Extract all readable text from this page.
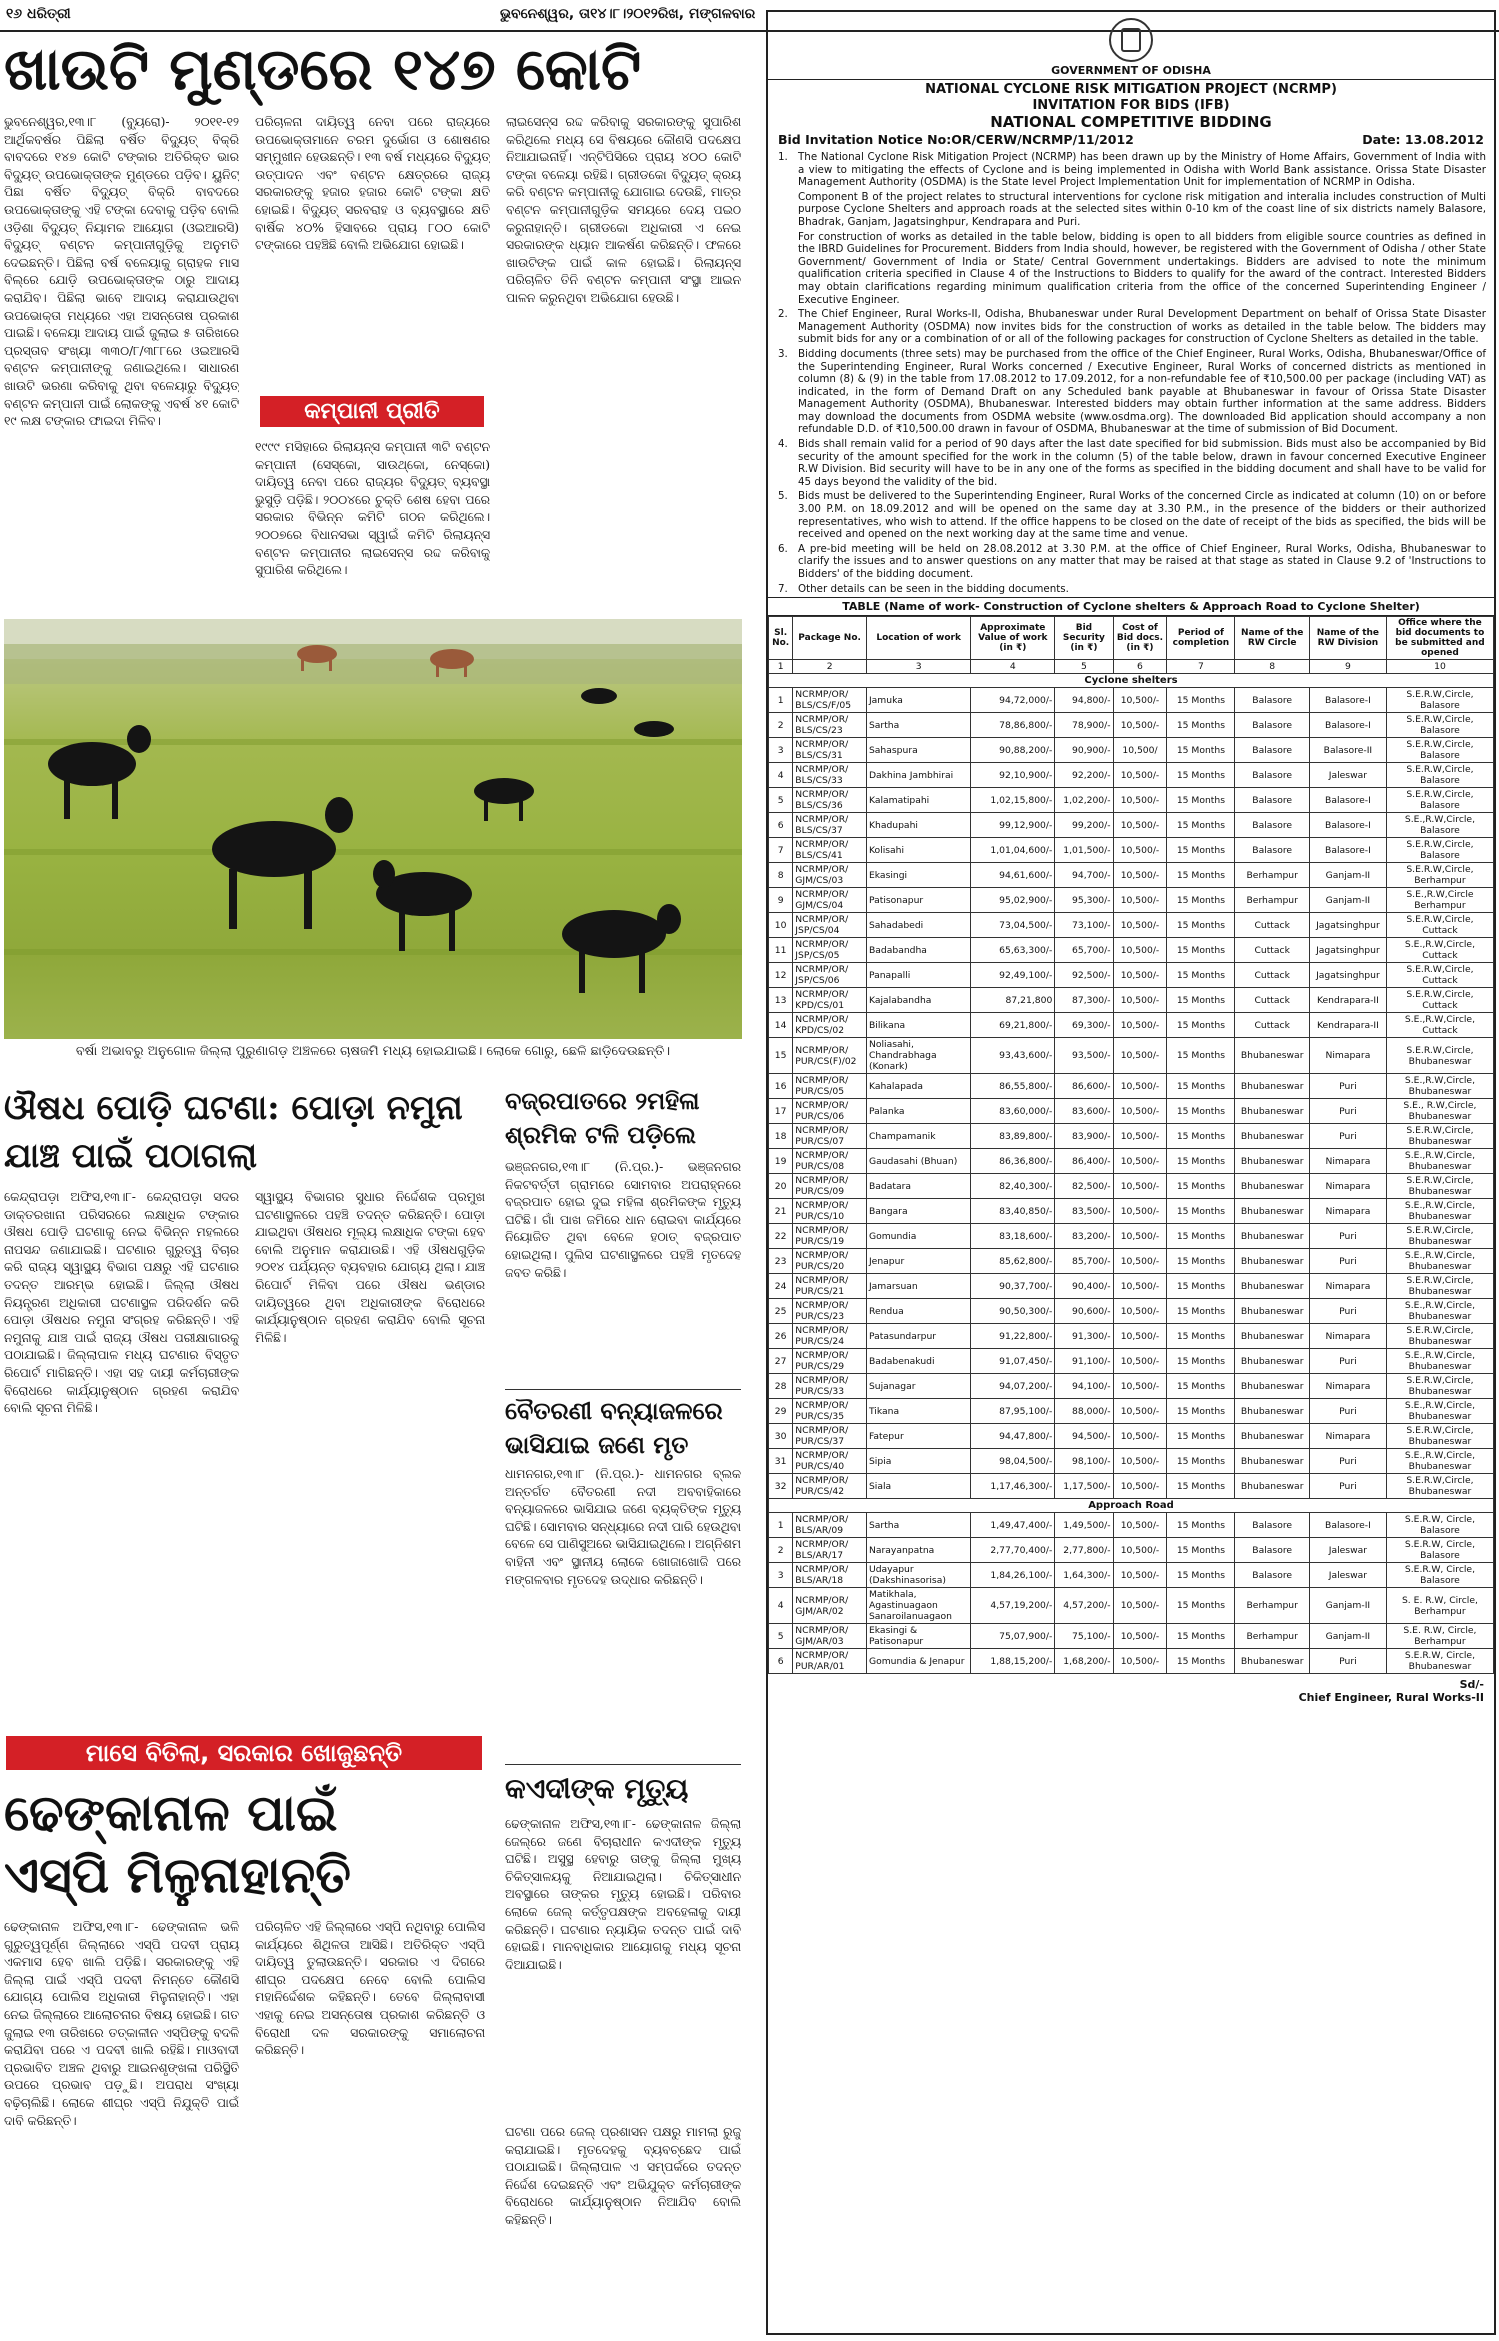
୧୬ ଧରିତ୍ରୀ	ଭୁବନେଶ୍ୱର, ତା୧୪।୮।୨୦୧୨ରିଖ, ମଙ୍ଗଳବାର
ଖାଉଟି ମୁଣ୍ଡରେ ୧୪୭ କୋଟି
ଭୁବନେଶ୍ୱର,୧୩।୮ (ବ୍ୟୁରୋ)- ୨୦୧୧-୧୨ ଆର୍ଥିକବର୍ଷର ପିଛିଲା ବର୍ଷିତ ବିଦ୍ୟୁତ୍ ବିକ୍ରି ବାବଦରେ ୧୪୭ କୋଟି ଟଙ୍କାର ଅତିରିକ୍ତ ଭାର ବିଦ୍ୟୁତ୍ ଉପଭୋକ୍ତାଙ୍କ ମୁଣ୍ଡରେ ପଡ଼ିବ। ୟୁନିଟ୍ ପିଛା ବର୍ଷିତ ବିଦ୍ୟୁତ୍ ବିକ୍ରି ବାବଦରେ ଉପଭୋକ୍ତାଙ୍କୁ ଏହି ଟଙ୍କା ଦେବାକୁ ପଡ଼ିବ ବୋଲି ଓଡ଼ିଶା ବିଦ୍ୟୁତ୍ ନିୟାମକ ଆୟୋଗ (ଓଇଆରସି) ବିଦ୍ୟୁତ୍ ବଣ୍ଟନ କମ୍ପାନୀଗୁଡ଼ିକୁ ଅନୁମତି ଦେଇଛନ୍ତି। ପିଛିଲା ବର୍ଷ ବଳେୟାକୁ ଗ୍ରାହକ ମାସ ବିଲ୍‌ରେ ଯୋଡ଼ି ଉପଭୋକ୍ତାଙ୍କ ଠାରୁ ଆଦାୟ କରାଯିବ। ପିଛିଲା ଭାବେ ଆଦାୟ କରାଯାଉଥିବା ଉପଭୋକ୍ତା ମଧ୍ୟରେ ଏହା ଅସନ୍ତୋଷ ପ୍ରକାଶ ପାଇଛି। ବଳେୟା ଆଦାୟ ପାଇଁ ଜୁଲାଇ ୫ ତାରିଖରେ ପ୍ରସ୍ତାବ ସଂଖ୍ୟା ୩୩୦/୮/୩୮୮ରେ ଓଇଆରସି ବଣ୍ଟନ କମ୍ପାନୀଙ୍କୁ ଜଣାଇଥିଲେ। ସାଧାରଣ ଖାଉଟି ଭରଣା କରିବାକୁ ଥିବା ବଳେୟାରୁ ବିଦ୍ୟୁତ୍ ବଣ୍ଟନ କମ୍ପାନୀ ପାଇଁ ଲୋକଙ୍କୁ ଏବର୍ଷ ୪୧ କୋଟି ୧୯ ଲକ୍ଷ ଟଙ୍କାର ଫାଇଦା ମିଳିବ।
ପରିଚାଳନା ଦାୟିତ୍ୱ ନେବା ପରେ ରାଜ୍ୟରେ ଉପଭୋକ୍ତାମାନେ ଚରମ ଦୁର୍ଭୋଗ ଓ ଶୋଷଣର ସମ୍ମୁଖୀନ ହେଉଛନ୍ତି। ୧୩ ବର୍ଷ ମଧ୍ୟରେ ବିଦ୍ୟୁତ୍ ଉତ୍ପାଦନ ଏବଂ ବଣ୍ଟନ କ୍ଷେତ୍ରରେ ରାଜ୍ୟ ସରକାରଙ୍କୁ ହଜାର ହଜାର କୋଟି ଟଙ୍କା କ୍ଷତି ହୋଇଛି। ବିଦ୍ୟୁତ୍ ସରବରାହ ଓ ବ୍ୟବସ୍ଥାରେ କ୍ଷତି ବାର୍ଷିକ ୪୦% ହିସାବରେ ପ୍ରାୟ ୮୦୦ କୋଟି ଟଙ୍କାରେ ପହଞ୍ଚିଛି ବୋଲି ଅଭିଯୋଗ ହୋଇଛି।
କମ୍ପାନୀ ପ୍ରୀତି
୧୯୯୯ ମସିହାରେ ରିଲାୟନ୍ସ କମ୍ପାନୀ ୩ଟି ବଣ୍ଟନ କମ୍ପାନୀ (ସେସ୍କୋ, ସାଉଥ୍‌କୋ, ନେସ୍କୋ) ଦାୟିତ୍ୱ ନେବା ପରେ ରାଜ୍ୟର ବିଦ୍ୟୁତ୍ ବ୍ୟବସ୍ଥା ଭୁସୁଡ଼ି ପଡ଼ିଛି। ୨୦୦୪ରେ ଚୁକ୍ତି ଶେଷ ହେବା ପରେ ସରକାର ବିଭିନ୍ନ କମିଟି ଗଠନ କରିଥିଲେ। ୨୦୦୭ରେ ବିଧାନସଭା ସ୍ୱାଇଁ କମିଟି ରିଲାୟନ୍ସ ବଣ୍ଟନ କମ୍ପାନୀର ଲାଇସେନ୍ସ ରଦ୍ଦ କରିବାକୁ ସୁପାରିଶ କରିଥିଲେ।
ଲାଇସେନ୍ସ ରଦ୍ଦ କରିବାକୁ ସରକାରଙ୍କୁ ସୁପାରିଶ କରିଥିଲେ ମଧ୍ୟ ସେ ବିଷୟରେ କୌଣସି ପଦକ୍ଷେପ ନିଆଯାଇନାହିଁ। ଏନ୍‌ଟିପିସିରେ ପ୍ରାୟ ୪୦୦ କୋଟି ଟଙ୍କା ବଳେୟା ରହିଛି। ଗ୍ରୀଡକୋ ବିଦ୍ୟୁତ୍ କ୍ରୟ କରି ବଣ୍ଟନ କମ୍ପାନୀକୁ ଯୋଗାଇ ଦେଉଛି, ମାତ୍ର ବଣ୍ଟନ କମ୍ପାନୀଗୁଡ଼ିକ ସମୟରେ ଦେୟ ପଇଠ କରୁନାହାନ୍ତି। ଗ୍ରୀଡକୋ ଅଧିକାରୀ ଏ ନେଇ ସରକାରଙ୍କ ଧ୍ୟାନ ଆକର୍ଷଣ କରିଛନ୍ତି। ଫଳରେ ଖାଉଟିଙ୍କ ପାଇଁ କାଳ ହୋଇଛି। ରିଲାୟନ୍ସ ପରିଚାଳିତ ତିନି ବଣ୍ଟନ କମ୍ପାନୀ ସଂସ୍ଥା ଆଇନ ପାଳନ କରୁନଥିବା ଅଭିଯୋଗ ହେଉଛି।
ବର୍ଷା ଅଭାବରୁ ଅନୁଗୋଳ ଜିଲ୍ଲା ପୁରୁଣାଗଡ଼ ଅଞ୍ଚଳରେ ଚାଷଜମି ମଧ୍ୟ ହୋଇଯାଇଛି। ଲୋକେ ଗୋରୁ, ଛେଳି ଛାଡ଼ିଦେଉଛନ୍ତି।
ଔଷଧ ପୋଡ଼ି ଘଟଣା: ପୋଡ଼ା ନମୁନା ଯାଞ୍ଚ ପାଇଁ ପଠାଗଲା
କେନ୍ଦ୍ରାପଡ଼ା ଅଫିସ,୧୩।୮- କେନ୍ଦ୍ରାପଡ଼ା ସଦର ଡାକ୍ତରଖାନା ପରିସରରେ ଲକ୍ଷାଧିକ ଟଙ୍କାର ଔଷଧ ପୋଡ଼ି ଘଟଣାକୁ ନେଇ ବିଭିନ୍ନ ମହଲରେ ନାପସନ୍ଦ ଜଣାଯାଇଛି। ଘଟଣାର ଗୁରୁତ୍ୱ ବିଚାର କରି ରାଜ୍ୟ ସ୍ୱାସ୍ଥ୍ୟ ବିଭାଗ ପକ୍ଷରୁ ଏହି ଘଟଣାର ତଦନ୍ତ ଆରମ୍ଭ ହୋଇଛି। ଜିଲ୍ଲା ଔଷଧ ନିୟନ୍ତ୍ରଣ ଅଧିକାରୀ ଘଟଣାସ୍ଥଳ ପରିଦର୍ଶନ କରି ପୋଡ଼ା ଔଷଧର ନମୁନା ସଂଗ୍ରହ କରିଛନ୍ତି। ଏହି ନମୁନାକୁ ଯାଞ୍ଚ ପାଇଁ ରାଜ୍ୟ ଔଷଧ ପରୀକ୍ଷାଗାରକୁ ପଠାଯାଇଛି। ଜିଲ୍ଲାପାଳ ମଧ୍ୟ ଘଟଣାର ବିସ୍ତୃତ ରିପୋର୍ଟ ମାଗିଛନ୍ତି। ଏହା ସହ ଦାୟୀ କର୍ମଚାରୀଙ୍କ ବିରୋଧରେ କାର୍ଯ୍ୟାନୁଷ୍ଠାନ ଗ୍ରହଣ କରାଯିବ ବୋଲି ସୂଚନା ମିଳିଛି।
ସ୍ୱାସ୍ଥ୍ୟ ବିଭାଗର ସୁଧାର ନିର୍ଦ୍ଦେଶକ ପ୍ରମୁଖ ଘଟଣାସ୍ଥଳରେ ପହଞ୍ଚି ତଦନ୍ତ କରିଛନ୍ତି। ପୋଡ଼ା ଯାଇଥିବା ଔଷଧର ମୂଲ୍ୟ ଲକ୍ଷାଧିକ ଟଙ୍କା ହେବ ବୋଲି ଅନୁମାନ କରାଯାଉଛି। ଏହି ଔଷଧଗୁଡ଼ିକ ୨୦୧୪ ପର୍ଯ୍ୟନ୍ତ ବ୍ୟବହାର ଯୋଗ୍ୟ ଥିଲା। ଯାଞ୍ଚ ରିପୋର୍ଟ ମିଳିବା ପରେ ଔଷଧ ଭଣ୍ଡାର ଦାୟିତ୍ୱରେ ଥିବା ଅଧିକାରୀଙ୍କ ବିରୋଧରେ କାର୍ଯ୍ୟାନୁଷ୍ଠାନ ଗ୍ରହଣ କରାଯିବ ବୋଲି ସୂଚନା ମିଳିଛି।
ବଜ୍ରପାତରେ ୨ମହିଳା ଶ୍ରମିକ ଟଳି ପଡ଼ିଲେ
ଭଞ୍ଜନଗର,୧୩।୮ (ନି.ପ୍ର.)- ଭଞ୍ଜନଗର ନିକଟବର୍ତ୍ତୀ ଗ୍ରାମରେ ସୋମବାର ଅପରାହ୍ନରେ ବଜ୍ରପାତ ହୋଇ ଦୁଇ ମହିଳା ଶ୍ରମିକଙ୍କ ମୃତ୍ୟୁ ଘଟିଛି। ଗାଁ ପାଖ ଜମିରେ ଧାନ ରୋଇବା କାର୍ଯ୍ୟରେ ନିୟୋଜିତ ଥିବା ବେଳେ ହଠାତ୍ ବଜ୍ରପାତ ହୋଇଥିଲା। ପୁଲିସ ଘଟଣାସ୍ଥଳରେ ପହଞ୍ଚି ମୃତଦେହ ଜବତ କରିଛି।
ବୈତରଣୀ ବନ୍ୟାଜଳରେ ଭାସିଯାଇ ଜଣେ ମୃତ
ଧାମନଗର,୧୩।୮ (ନି.ପ୍ର.)- ଧାମନଗର ବ୍ଲକ ଅନ୍ତର୍ଗତ ବୈତରଣୀ ନଦୀ ଅବବାହିକାରେ ବନ୍ୟାଜଳରେ ଭାସିଯାଇ ଜଣେ ବ୍ୟକ୍ତିଙ୍କ ମୃତ୍ୟୁ ଘଟିଛି। ସୋମବାର ସନ୍ଧ୍ୟାରେ ନଦୀ ପାରି ହେଉଥିବା ବେଳେ ସେ ପାଣିସୁଅରେ ଭାସିଯାଇଥିଲେ। ଅଗ୍ନିଶମ ବାହିନୀ ଏବଂ ସ୍ଥାନୀୟ ଲୋକେ ଖୋଜାଖୋଜି ପରେ ମଙ୍ଗଳବାର ମୃତଦେହ ଉଦ୍ଧାର କରିଛନ୍ତି।
ମାସେ ବିତିଲା, ସରକାର ଖୋଜୁଛନ୍ତି
ଢେଙ୍କାନାଳ ପାଇଁ
ଏସ୍‌ପି ମିଳୁନାହାନ୍ତି
ଢେଙ୍କାନାଳ ଅଫିସ,୧୩।୮- ଢେଙ୍କାନାଳ ଭଳି ଗୁରୁତ୍ୱପୂର୍ଣ୍ଣ ଜିଲ୍ଲାରେ ଏସ୍‌ପି ପଦବୀ ପ୍ରାୟ ଏକମାସ ହେବ ଖାଲି ପଡ଼ିଛି। ସରକାରଙ୍କୁ ଏହି ଜିଲ୍ଲା ପାଇଁ ଏସ୍‌ପି ପଦବୀ ନିମନ୍ତେ କୌଣସି ଯୋଗ୍ୟ ପୋଲିସ ଅଧିକାରୀ ମିଳୁନାହାନ୍ତି। ଏହା ନେଇ ଜିଲ୍ଲାରେ ଆଲୋଚନାର ବିଷୟ ହୋଇଛି। ଗତ ଜୁଲାଇ ୧୩ ତାରିଖରେ ତତ୍କାଳୀନ ଏସ୍‌ପିଙ୍କୁ ବଦଳି କରାଯିବା ପରେ ଏ ପଦବୀ ଖାଲି ରହିଛି। ମାଓବାଦୀ ପ୍ରଭାବିତ ଅଞ୍ଚଳ ଥିବାରୁ ଆଇନଶୃଙ୍ଖଳା ପରିସ୍ଥିତି ଉପରେ ପ୍ରଭାବ ପଡ଼ୁଛି। ଅପରାଧ ସଂଖ୍ୟା ବଢ଼ିଚାଲିଛି। ଲୋକେ ଶୀଘ୍ର ଏସ୍‌ପି ନିଯୁକ୍ତି ପାଇଁ ଦାବି କରିଛନ୍ତି।
ପରିଚାଳିତ ଏହି ଜିଲ୍ଲାରେ ଏସ୍‌ପି ନଥିବାରୁ ପୋଲିସ କାର୍ଯ୍ୟରେ ଶିଥିଳତା ଆସିଛି। ଅତିରିକ୍ତ ଏସ୍‌ପି ଦାୟିତ୍ୱ ତୁଲାଉଛନ୍ତି। ସରକାର ଏ ଦିଗରେ ଶୀଘ୍ର ପଦକ୍ଷେପ ନେବେ ବୋଲି ପୋଲିସ ମହାନିର୍ଦ୍ଦେଶକ କହିଛନ୍ତି। ତେବେ ଜିଲ୍ଲାବାସୀ ଏହାକୁ ନେଇ ଅସନ୍ତୋଷ ପ୍ରକାଶ କରିଛନ୍ତି ଓ ବିରୋଧୀ ଦଳ ସରକାରଙ୍କୁ ସମାଲୋଚନା କରିଛନ୍ତି।
କଏଦୀଙ୍କ ମୃତ୍ୟୁ
ଢେଙ୍କାନାଳ ଅଫିସ,୧୩।୮- ଢେଙ୍କାନାଳ ଜିଲ୍ଲା ଜେଲ୍‌ରେ ଜଣେ ବିଚାରାଧୀନ କଏଦୀଙ୍କ ମୃତ୍ୟୁ ଘଟିଛି। ଅସୁସ୍ଥ ହେବାରୁ ତାଙ୍କୁ ଜିଲ୍ଲା ମୁଖ୍ୟ ଚିକିତ୍ସାଳୟକୁ ନିଆଯାଇଥିଲା। ଚିକିତ୍ସାଧୀନ ଅବସ୍ଥାରେ ତାଙ୍କର ମୃତ୍ୟୁ ହୋଇଛି। ପରିବାର ଲୋକେ ଜେଲ୍ କର୍ତ୍ତୃପକ୍ଷଙ୍କ ଅବହେଳାକୁ ଦାୟୀ କରିଛନ୍ତି। ଘଟଣାର ନ୍ୟାୟିକ ତଦନ୍ତ ପାଇଁ ଦାବି ହୋଇଛି। ମାନବାଧିକାର ଆୟୋଗକୁ ମଧ୍ୟ ସୂଚନା ଦିଆଯାଇଛି।
ଘଟଣା ପରେ ଜେଲ୍ ପ୍ରଶାସନ ପକ୍ଷରୁ ମାମଲା ରୁଜୁ କରାଯାଇଛି। ମୃତଦେହକୁ ବ୍ୟବଚ୍ଛେଦ ପାଇଁ ପଠାଯାଇଛି। ଜିଲ୍ଲାପାଳ ଏ ସମ୍ପର୍କରେ ତଦନ୍ତ ନିର୍ଦ୍ଦେଶ ଦେଇଛନ୍ତି ଏବଂ ଅଭିଯୁକ୍ତ କର୍ମଚାରୀଙ୍କ ବିରୋଧରେ କାର୍ଯ୍ୟାନୁଷ୍ଠାନ ନିଆଯିବ ବୋଲି କହିଛନ୍ତି।
GOVERNMENT OF ODISHA
NATIONAL CYCLONE RISK MITIGATION PROJECT (NCRMP)
INVITATION FOR BIDS (IFB)
NATIONAL COMPETITIVE BIDDING
Bid Invitation Notice No:OR/CERW/NCRMP/11/2012	Date: 13.08.2012
1. The National Cyclone Risk Mitigation Project (NCRMP) has been drawn up by the Ministry of Home Affairs, Government of India with a view to mitigating the effects of Cyclone and is being implemented in Odisha with World Bank assistance. Orissa State Disaster Management Authority (OSDMA) is the State level Project Implementation Unit for implementation of NCRMP in Odisha.
Component B of the project relates to structural interventions for cyclone risk mitigation and interalia includes construction of Multi purpose Cyclone Shelters and approach roads at the selected sites within 0-10 km of the coast line of six districts namely Balasore, Bhadrak, Ganjam, Jagatsinghpur, Kendrapara and Puri.
For construction of works as detailed in the table below, bidding is open to all bidders from eligible source countries as defined in the IBRD Guidelines for Procurement. Bidders from India should, however, be registered with the Government of Odisha / other State Government/ Government of India or State/ Central Government undertakings. Bidders are advised to note the minimum qualification criteria specified in Clause 4 of the Instructions to Bidders to qualify for the award of the contract. Interested Bidders may obtain clarifications regarding minimum qualification criteria from the office of the concerned Superintending Engineer / Executive Engineer.
2. The Chief Engineer, Rural Works-II, Odisha, Bhubaneswar under Rural Development Department on behalf of Orissa State Disaster Management Authority (OSDMA) now invites bids for the construction of works as detailed in the table below. The bidders may submit bids for any or a combination of or all of the following packages for construction of Cyclone Shelters as detailed in the table.
3. Bidding documents (three sets) may be purchased from the office of the Chief Engineer, Rural Works, Odisha, Bhubaneswar/Office of the Superintending Engineer, Rural Works concerned / Executive Engineer, Rural Works of concerned districts as mentioned in column (8) & (9) in the table from 17.08.2012 to 17.09.2012, for a non-refundable fee of ₹10,500.00 per package (including VAT) as indicated, in the form of Demand Draft on any Scheduled bank payable at Bhubaneswar in favour of Orissa State Disaster Management Authority (OSDMA), Bhubaneswar. Interested bidders may obtain further information at the same address. Bidders may download the documents from OSDMA website (www.osdma.org). The downloaded Bid application should accompany a non refundable D.D. of ₹10,500.00 drawn in favour of OSDMA, Bhubaneswar at the time of submission of Bid Document.
4. Bids shall remain valid for a period of 90 days after the last date specified for bid submission. Bids must also be accompanied by Bid security of the amount specified for the work in the column (5) of the table below, drawn in favour concerned Executive Engineer R.W Division. Bid security will have to be in any one of the forms as specified in the bidding document and shall have to be valid for 45 days beyond the validity of the bid.
5. Bids must be delivered to the Superintending Engineer, Rural Works of the concerned Circle as indicated at column (10) on or before 3.00 P.M. on 18.09.2012 and will be opened on the same day at 3.30 P.M., in the presence of the bidders or their authorized representatives, who wish to attend. If the office happens to be closed on the date of receipt of the bids as specified, the bids will be received and opened on the next working day at the same time and venue.
6. A pre-bid meeting will be held on 28.08.2012 at 3.30 P.M. at the office of Chief Engineer, Rural Works, Odisha, Bhubaneswar to clarify the issues and to answer questions on any matter that may be raised at that stage as stated in Clause 9.2 of 'Instructions to Bidders' of the bidding document.
7. Other details can be seen in the bidding documents.
TABLE (Name of work- Construction of Cyclone shelters & Approach Road to Cyclone Shelter)
Sl. No.	Package No.	Location of work	Approximate Value of work (in ₹)	Bid Security (in ₹)	Cost of Bid docs. (in ₹)	Period of completion	Name of the RW Circle	Name of the RW Division	Office where the bid documents to be submitted and opened
1	2	3	4	5	6	7	8	9	10
Cyclone shelters									
1	NCRMP/OR/ BLS/CS/F/05	Jamuka	94,72,000/-	94,800/-	10,500/-	15 Months	Balasore	Balasore-I	S.E.R.W,Circle, Balasore
2	NCRMP/OR/ BLS/CS/23	Sartha	78,86,800/-	78,900/-	10,500/-	15 Months	Balasore	Balasore-I	S.E.R.W,Circle, Balasore
3	NCRMP/OR/ BLS/CS/31	Sahaspura	90,88,200/-	90,900/-	10,500/	15 Months	Balasore	Balasore-II	S.E.R.W,Circle, Balasore
4	NCRMP/OR/ BLS/CS/33	Dakhina Jambhirai	92,10,900/-	92,200/-	10,500/-	15 Months	Balasore	Jaleswar	S.E.R.W,Circle, Balasore
5	NCRMP/OR/ BLS/CS/36	Kalamatipahi	1,02,15,800/-	1,02,200/-	10,500/-	15 Months	Balasore	Balasore-I	S.E.R.W,Circle, Balasore
6	NCRMP/OR/ BLS/CS/37	Khadupahi	99,12,900/-	99,200/-	10,500/-	15 Months	Balasore	Balasore-I	S.E.,R.W,Circle, Balasore
7	NCRMP/OR/ BLS/CS/41	Kolisahi	1,01,04,600/-	1,01,500/-	10,500/-	15 Months	Balasore	Balasore-I	S.E.R.W,Circle, Balasore
8	NCRMP/OR/ GJM/CS/03	Ekasingi	94,61,600/-	94,700/-	10,500/-	15 Months	Berhampur	Ganjam-II	S.E.R.W,Circle, Berhampur
9	NCRMP/OR/ GJM/CS/04	Patisonapur	95,02,900/-	95,300/-	10,500/-	15 Months	Berhampur	Ganjam-II	S.E.,R.W,Circle Berhampur
10	NCRMP/OR/ JSP/CS/04	Sahadabedi	73,04,500/-	73,100/-	10,500/-	15 Months	Cuttack	Jagatsinghpur	S.E.R.W,Circle, Cuttack
11	NCRMP/OR/ JSP/CS/05	Badabandha	65,63,300/-	65,700/-	10,500/-	15 Months	Cuttack	Jagatsinghpur	S.E.,R.W,Circle, Cuttack
12	NCRMP/OR/ JSP/CS/06	Panapalli	92,49,100/-	92,500/-	10,500/-	15 Months	Cuttack	Jagatsinghpur	S.E.R.W,Circle, Cuttack
13	NCRMP/OR/ KPD/CS/01	Kajalabandha	87,21,800	87,300/-	10,500/-	15 Months	Cuttack	Kendrapara-II	S.E.R.W,Circle, Cuttack
14	NCRMP/OR/ KPD/CS/02	Bilikana	69,21,800/-	69,300/-	10,500/-	15 Months	Cuttack	Kendrapara-II	S.E.,R.W,Circle, Cuttack
15	NCRMP/OR/ PUR/CS(F)/02	Noliasahi, Chandrabhaga (Konark)	93,43,600/-	93,500/-	10,500/-	15 Months	Bhubaneswar	Nimapara	S.E.R.W,Circle, Bhubaneswar
16	NCRMP/OR/ PUR/CS/05	Kahalapada	86,55,800/-	86,600/-	10,500/-	15 Months	Bhubaneswar	Puri	S.E.,R.W,Circle, Bhubaneswar
17	NCRMP/OR/ PUR/CS/06	Palanka	83,60,000/-	83,600/-	10,500/-	15 Months	Bhubaneswar	Puri	S.E., R.W,Circle, Bhubaneswar
18	NCRMP/OR/ PUR/CS/07	Champamanik	83,89,800/-	83,900/-	10,500/-	15 Months	Bhubaneswar	Puri	S.E.R.W,Circle, Bhubaneswar
19	NCRMP/OR/ PUR/CS/08	Gaudasahi (Bhuan)	86,36,800/-	86,400/-	10,500/-	15 Months	Bhubaneswar	Nimapara	S.E.,R.W,Circle, Bhubaneswar
20	NCRMP/OR/ PUR/CS/09	Badatara	82,40,300/-	82,500/-	10,500/-	15 Months	Bhubaneswar	Nimapara	S.E.R.W,Circle, Bhubaneswar
21	NCRMP/OR/ PUR/CS/10	Bangara	83,40,850/-	83,500/-	10,500/-	15 Months	Bhubaneswar	Nimapara	S.E.,R.W,Circle, Bhubaneswar
22	NCRMP/OR/ PUR/CS/19	Gomundia	83,18,600/-	83,200/-	10,500/-	15 Months	Bhubaneswar	Puri	S.E.R.W,Circle, Bhubaneswar
23	NCRMP/OR/ PUR/CS/20	Jenapur	85,62,800/-	85,700/-	10,500/-	15 Months	Bhubaneswar	Puri	S.E.,R.W,Circle, Bhubaneswar
24	NCRMP/OR/ PUR/CS/21	Jamarsuan	90,37,700/-	90,400/-	10,500/-	15 Months	Bhubaneswar	Nimapara	S.E.R.W,Circle, Bhubaneswar
25	NCRMP/OR/ PUR/CS/23	Rendua	90,50,300/-	90,600/-	10,500/-	15 Months	Bhubaneswar	Puri	S.E.,R.W,Circle, Bhubaneswar
26	NCRMP/OR/ PUR/CS/24	Patasundarpur	91,22,800/-	91,300/-	10,500/-	15 Months	Bhubaneswar	Nimapara	S.E.R.W,Circle, Bhubaneswar
27	NCRMP/OR/ PUR/CS/29	Badabenakudi	91,07,450/-	91,100/-	10,500/-	15 Months	Bhubaneswar	Puri	S.E.,R.W,Circle, Bhubaneswar
28	NCRMP/OR/ PUR/CS/33	Sujanagar	94,07,200/-	94,100/-	10,500/-	15 Months	Bhubaneswar	Nimapara	S.E.R.W,Circle, Bhubaneswar
29	NCRMP/OR/ PUR/CS/35	Tikana	87,95,100/-	88,000/-	10,500/-	15 Months	Bhubaneswar	Puri	S.E.,R.W,Circle, Bhubaneswar
30	NCRMP/OR/ PUR/CS/37	Fatepur	94,47,800/-	94,500/-	10,500/-	15 Months	Bhubaneswar	Nimapara	S.E.R.W,Circle, Bhubaneswar
31	NCRMP/OR/ PUR/CS/40	Sipia	98,04,500/-	98,100/-	10,500/-	15 Months	Bhubaneswar	Puri	S.E.,R.W,Circle, Bhubaneswar
32	NCRMP/OR/ PUR/CS/42	Siala	1,17,46,300/-	1,17,500/-	10,500/-	15 Months	Bhubaneswar	Puri	S.E.R.W,Circle, Bhubaneswar
Approach Road									
1	NCRMP/OR/ BLS/AR/09	Sartha	1,49,47,400/-	1,49,500/-	10,500/-	15 Months	Balasore	Balasore-I	S.E.R.W, Circle, Balasore
2	NCRMP/OR/ BLS/AR/17	Narayanpatna	2,77,70,400/-	2,77,800/-	10,500/-	15 Months	Balasore	Jaleswar	S.E.R.W, Circle, Balasore
3	NCRMP/OR/ BLS/AR/18	Udayapur (Dakshinasorisa)	1,84,26,100/-	1,64,300/-	10,500/-	15 Months	Balasore	Jaleswar	S.E.R.W, Circle, Balasore
4	NCRMP/OR/ GJM/AR/02	Matikhala, Agastinuagaon Sanaroilanuagaon	4,57,19,200/-	4,57,200/-	10,500/-	15 Months	Berhampur	Ganjam-II	S. E. R.W, Circle, Berhampur
5	NCRMP/OR/ GJM/AR/03	Ekasingi & Patisonapur	75,07,900/-	75,100/-	10,500/-	15 Months	Berhampur	Ganjam-II	S.E. R.W, Circle, Berhampur
6	NCRMP/OR/ PUR/AR/01	Gomundia & Jenapur	1,88,15,200/-	1,68,200/-	10,500/-	15 Months	Bhubaneswar	Puri	S.E.R.W, Circle, Bhubaneswar
Sd/-
Chief Engineer, Rural Works-II
